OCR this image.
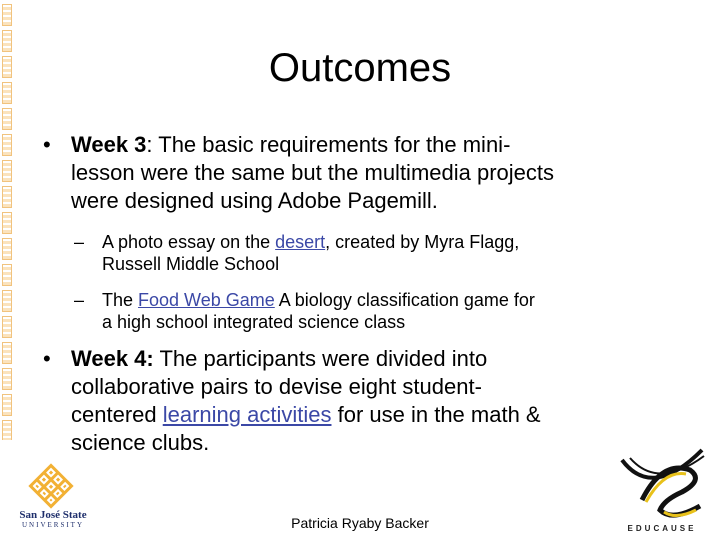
Outcomes
• Week 3: The basic requirements for the mini-
lesson were the same but the multimedia projects
were designed using Adobe Pagemill.
– A photo essay on the desert, created by Myra Flagg,
Russell Middle School
– The Food Web Game A biology classification game for
a high school integrated science class
• Week 4: The participants were divided into
collaborative pairs to devise eight student-
centered learning activities for use in the math &
science clubs.
San José State
UNIVERSITY	EDUCAUSE
Patricia Ryaby Backer
